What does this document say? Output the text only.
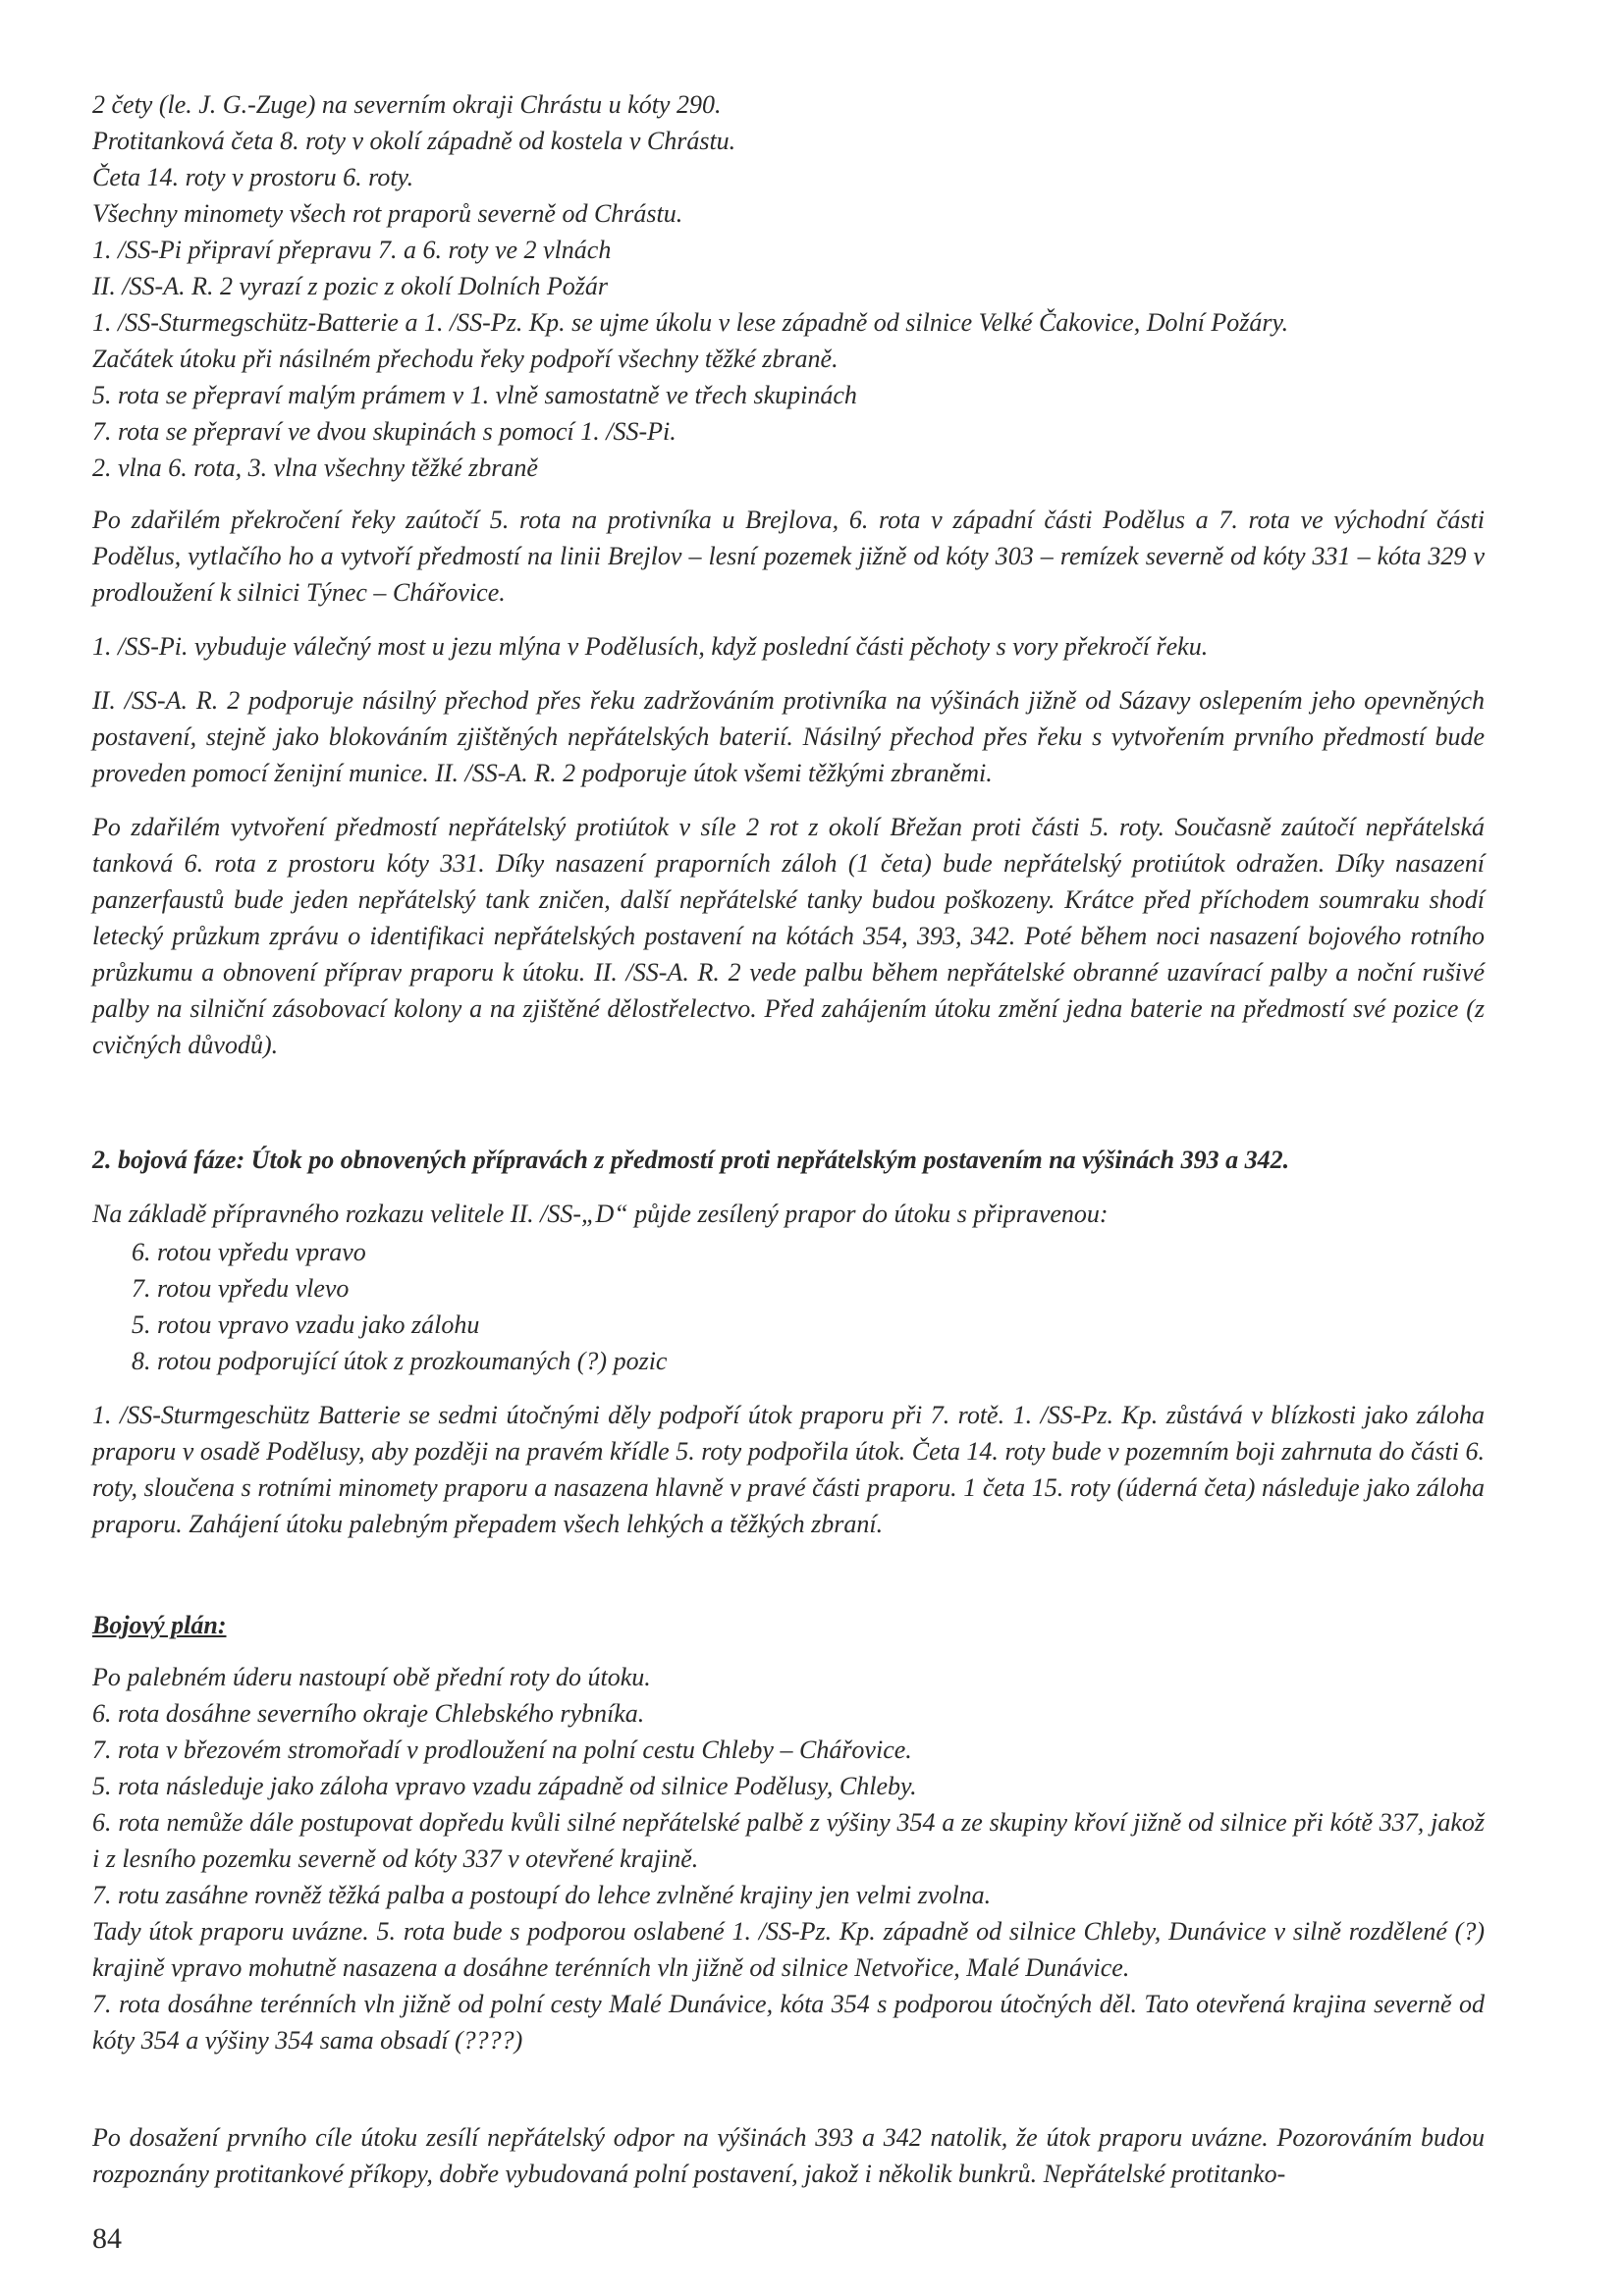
2 čety (le. J. G.-Zuge) na severním okraji Chrástu u kóty 290.
Protitanková četa 8. roty v okolí západně od kostela v Chrástu.
Četa 14. roty v prostoru 6. roty.
Všechny minomety všech rot praporů severně od Chrástu.
1. /SS-Pi připraví přepravu 7. a 6. roty ve 2 vlnách
II. /SS-A. R. 2 vyrazí z pozic z okolí Dolních Požár
1. /SS-Sturmegschütz-Batterie a 1. /SS-Pz. Kp. se ujme úkolu v lese západně od silnice Velké Čakovice, Dolní Požáry.
Začátek útoku při násilném přechodu řeky podpoří všechny těžké zbraně.
5. rota se přepraví malým prámem v 1. vlně samostatně ve třech skupinách
7. rota se přepraví ve dvou skupinách s pomocí 1. /SS-Pi.
2. vlna 6. rota, 3. vlna všechny těžké zbraně

Po zdařilém překročení řeky zaútočí 5. rota na protivníka u Brejlova, 6. rota v západní části Podělus a 7. rota ve východní části Podělus, vytlačího ho a vytvoří předmostí na linii Brejlov – lesní pozemek jižně od kóty 303 – remízek severně od kóty 331 – kóta 329 v prodloužení k silnici Týnec – Chářovice.

1. /SS-Pi. vybuduje válečný most u jezu mlýna v Podělusích, když poslední části pěchoty s vory překročí řeku.

II. /SS-A. R. 2 podporuje násilný přechod přes řeku zadržováním protivníka na výšinách jižně od Sázavy oslepením jeho opevněných postavení, stejně jako blokováním zjištěných nepřátelských baterií. Násilný přechod přes řeku s vytvořením prvního předmostí bude proveden pomocí ženijní munice. II. /SS-A. R. 2 podporuje útok všemi těžkými zbraněmi.

Po zdařilém vytvoření předmostí nepřátelský protiútok v síle 2 rot z okolí Břežan proti části 5. roty. Současně zaútočí nepřátelská tanková 6. rota z prostoru kóty 331. Díky nasazení praporních záloh (1 četa) bude nepřátelský protiútok odražen. Díky nasazení panzerfaustů bude jeden nepřátelský tank zničen, další nepřátelské tanky budou poškozeny. Krátce před příchodem soumraku shodí letecký průzkum zprávu o identifikaci nepřátelských postavení na kótách 354, 393, 342. Poté během noci nasazení bojového rotního průzkumu a obnovení příprav praporu k útoku. II. /SS-A. R. 2 vede palbu během nepřátelské obranné uzavírací palby a noční rušivé palby na silniční zásobovací kolony a na zjištěné dělostřelectvo. Před zahájením útoku změní jedna baterie na předmostí své pozice (z cvičných důvodů).

2. bojová fáze: Útok po obnovených přípravách z předmostí proti nepřátelským postavením na výšinách 393 a 342.

Na základě přípravného rozkazu velitele II. /SS-„D“ půjde zesílený prapor do útoku s připravenou:

6. rotou vpředu vpravo
7. rotou vpředu vlevo
5. rotou vpravo vzadu jako zálohu
8. rotou podporující útok z prozkoumaných (?) pozic

1. /SS-Sturmgeschütz Batterie se sedmi útočnými děly podpoří útok praporu při 7. rotě. 1. /SS-Pz. Kp. zůstává v blízkosti jako záloha praporu v osadě Podělusy, aby později na pravém křídle 5. roty podpořila útok. Četa 14. roty bude v pozemním boji zahrnuta do části 6. roty, sloučena s rotními minomety praporu a nasazena hlavně v pravé části praporu. 1 četa 15. roty (úderná četa) následuje jako záloha praporu. Zahájení útoku palebným přepadem všech lehkých a těžkých zbraní.

Bojový plán:
Po palebném úderu nastoupí obě přední roty do útoku.
6. rota dosáhne severního okraje Chlebského rybníka.
7. rota v březovém stromořadí v prodloužení na polní cestu Chleby – Chářovice.
5. rota následuje jako záloha vpravo vzadu západně od silnice Podělusy, Chleby.

6. rota nemůže dále postupovat dopředu kvůli silné nepřátelské palbě z výšiny 354 a ze skupiny křoví jižně od silnice při kótě 337, jakož i z lesního pozemku severně od kóty 337 v otevřené krajině.

7. rotu zasáhne rovněž těžká palba a postoupí do lehce zvlněné krajiny jen velmi zvolna.

Tady útok praporu uvázne. 5. rota bude s podporou oslabené 1. /SS-Pz. Kp. západně od silnice Chleby, Dunávice v silně rozdělené (?) krajině vpravo mohutně nasazena a dosáhne terénních vln jižně od silnice Netvořice, Malé Dunávice.

7. rota dosáhne terénních vln jižně od polní cesty Malé Dunávice, kóta 354 s podporou útočných děl. Tato otevřená krajina severně od kóty 354 a výšiny 354 sama obsadí (????)

Po dosažení prvního cíle útoku zesílí nepřátelský odpor na výšinách 393 a 342 natolik, že útok praporu uvázne. Pozorováním budou rozpoznány protitankové příkopy, dobře vybudovaná polní postavení, jakož i několik bunkrů. Nepřátelské protitanko-

84
